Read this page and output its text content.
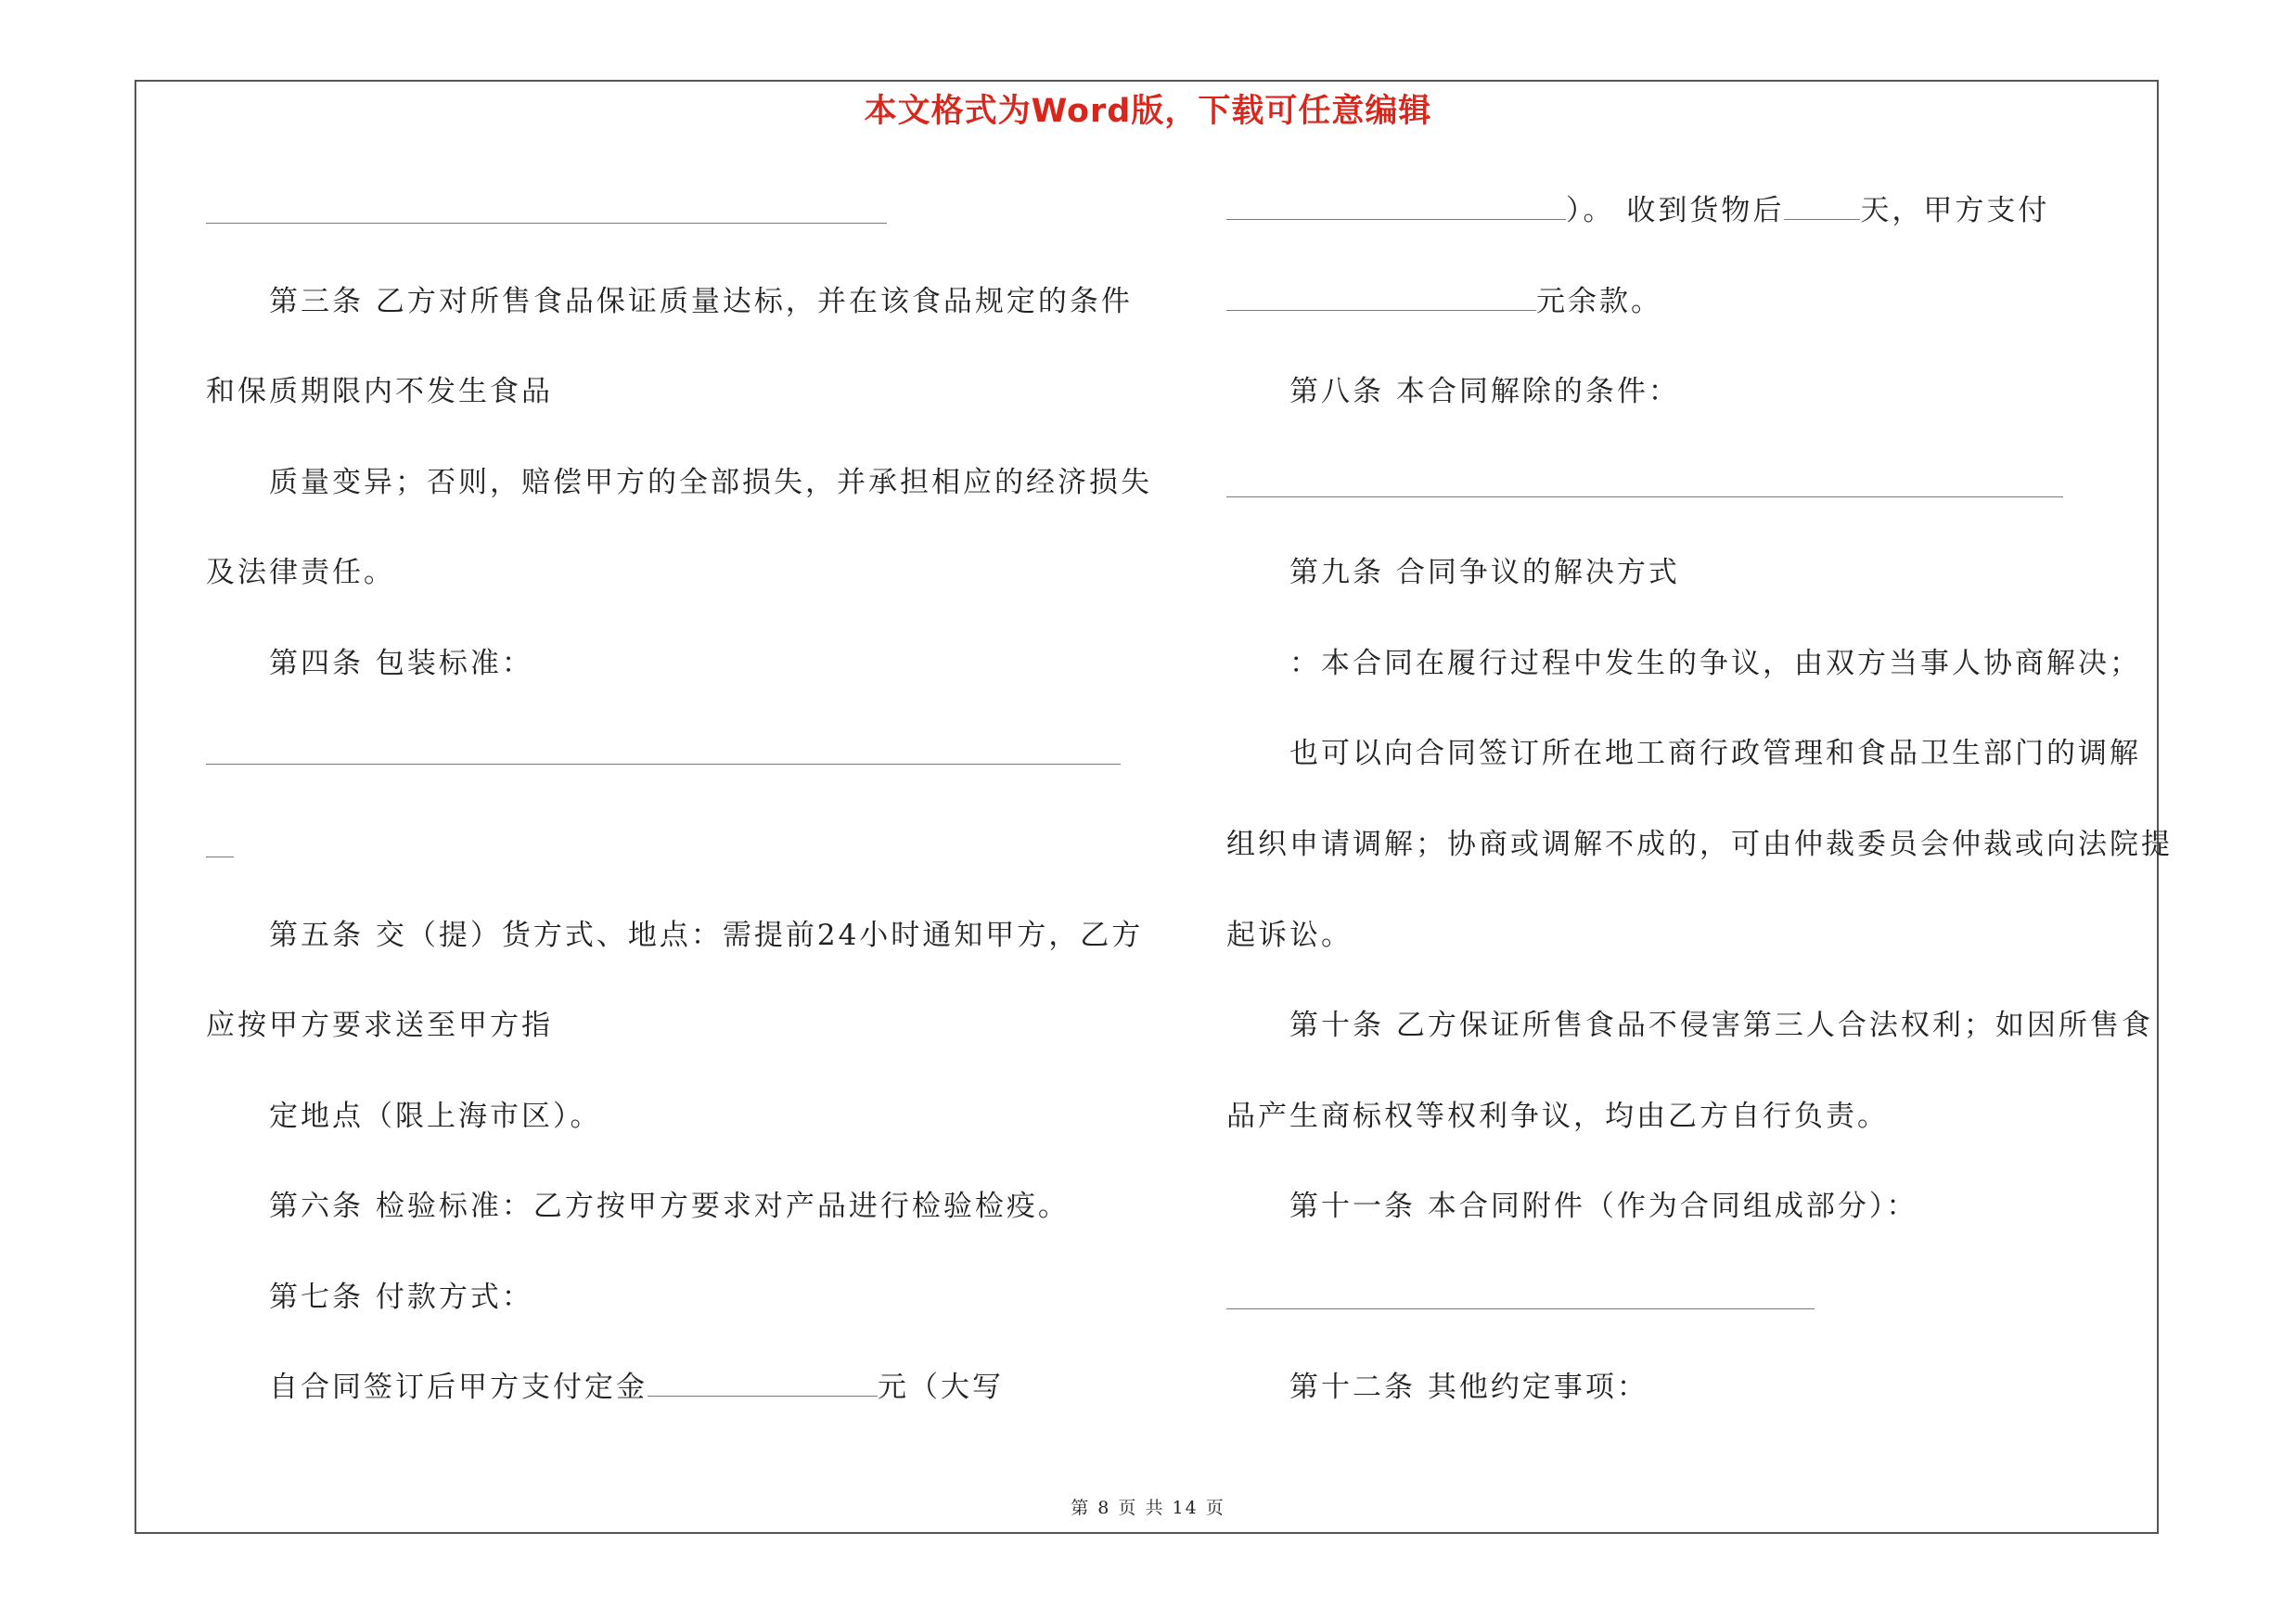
本文格式为Word版，下载可任意编辑
第三条 乙方对所售食品保证质量达标，并在该食品规定的条件
和保质期限内不发生食品
质量变异；否则，赔偿甲方的全部损失，并承担相应的经济损失
及法律责任。
第四条 包装标准：
第五条 交（提）货方式、地点：需提前24小时通知甲方，乙方
应按甲方要求送至甲方指
定地点（限上海市区）。
第六条 检验标准：乙方按甲方要求对产品进行检验检疫。
第七条 付款方式：
自合同签订后甲方支付定金	元（大写
）。 收到货物后	天，甲方支付
元余款。
第八条 本合同解除的条件：
第九条 合同争议的解决方式
：本合同在履行过程中发生的争议，由双方当事人协商解决；
也可以向合同签订所在地工商行政管理和食品卫生部门的调解
组织申请调解；协商或调解不成的，可由仲裁委员会仲裁或向法院提
起诉讼。
第十条 乙方保证所售食品不侵害第三人合法权利；如因所售食
品产生商标权等权利争议，均由乙方自行负责。
第十一条 本合同附件（作为合同组成部分）：
第十二条 其他约定事项：
第 8 页 共 14 页
